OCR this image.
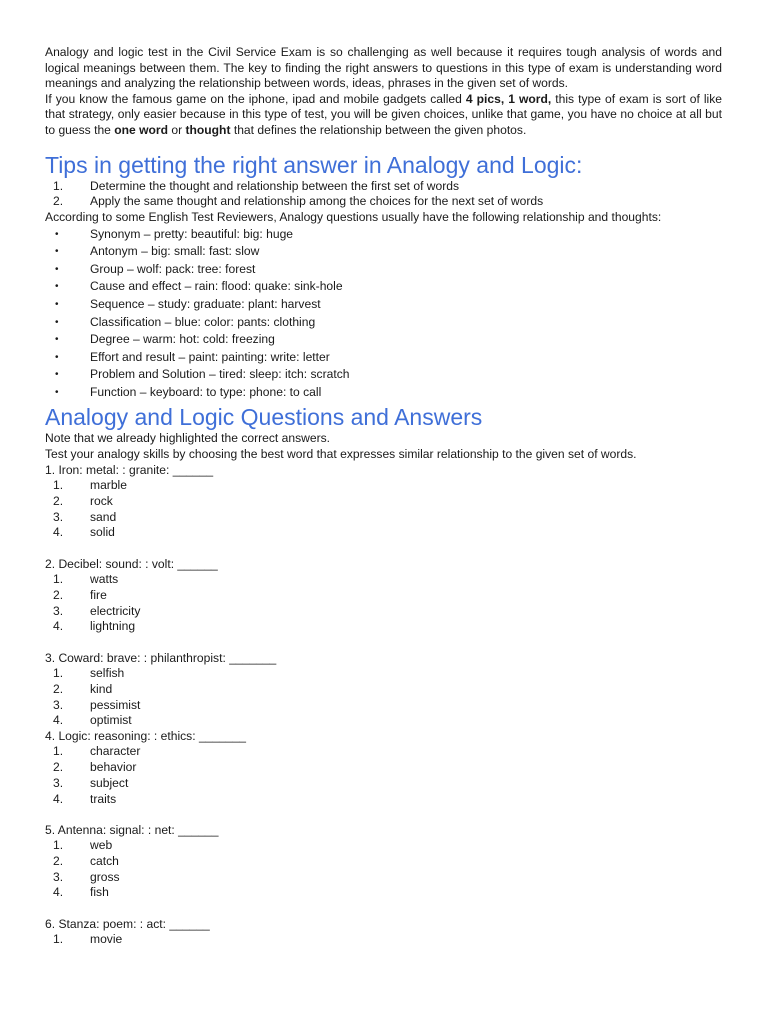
Analogy and logic test in the Civil Service Exam is so challenging as well because it requires tough analysis of words and logical meanings between them. The key to finding the right answers to questions in this type of exam is understanding word meanings and analyzing the relationship between words, ideas, phrases in the given set of words.

If you know the famous game on the iphone, ipad and mobile gadgets called 4 pics, 1 word, this type of exam is sort of like that strategy, only easier because in this type of test, you will be given choices, unlike that game, you have no choice at all but to guess the one word or thought that defines the relationship between the given photos.

Tips in getting the right answer in Analogy and Logic:
1.	Determine the thought and relationship between the first set of words
2.	Apply the same thought and relationship among the choices for the next set of words

According to some English Test Reviewers, Analogy questions usually have the following relationship and thoughts:

•	Synonym – pretty: beautiful: big: huge
•	Antonym – big: small: fast: slow
•	Group – wolf: pack: tree: forest
•	Cause and effect – rain: flood: quake: sink-hole
•	Sequence – study: graduate: plant: harvest
•	Classification – blue: color: pants: clothing
•	Degree – warm: hot: cold: freezing
•	Effort and result – paint: painting: write: letter
•	Problem and Solution – tired: sleep: itch: scratch
•	Function – keyboard: to type: phone: to call
Analogy and Logic Questions and Answers

Note that we already highlighted the correct answers.

Test your analogy skills by choosing the best word that expresses similar relationship to the given set of words.

1. Iron: metal: : granite: ______

1.	marble
2.	rock
3.	sand
4.	solid

2. Decibel: sound: : volt: ______

1.	watts
2.	fire
3.	electricity
4.	lightning

3. Coward: brave: : philanthropist: _______

1.	selfish
2.	kind
3.	pessimist
4.	optimist

4. Logic: reasoning: : ethics: _______

1.	character
2.	behavior
3.	subject
4.	traits

5. Antenna: signal: : net: ______

1.	web
2.	catch
3.	gross
4.	fish

6. Stanza: poem: : act: ______

1.	movie
